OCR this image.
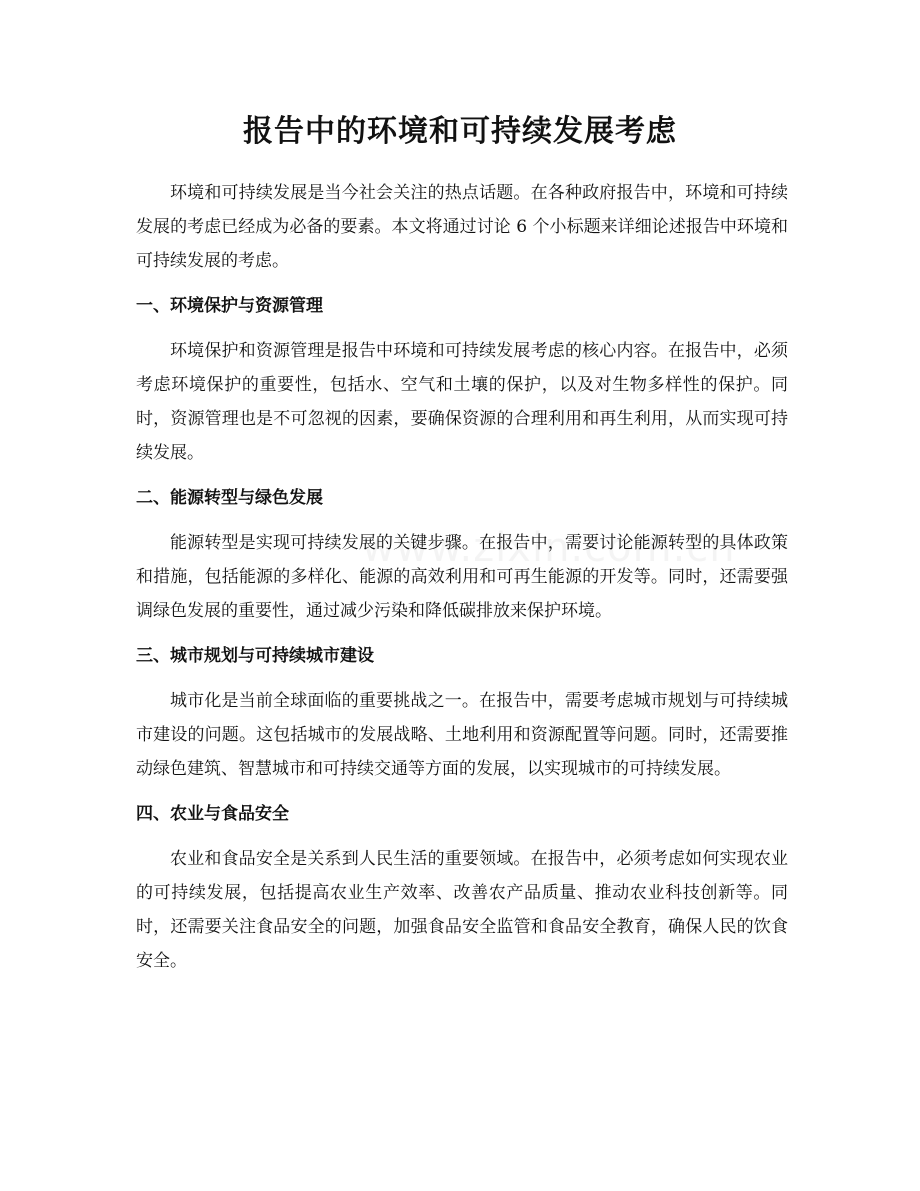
报告中的环境和可持续发展考虑

环境和可持续发展是当今社会关注的热点话题。在各种政府报告中，环境和可持续发展的考虑已经成为必备的要素。本文将通过讨论 6 个小标题来详细论述报告中环境和可持续发展的考虑。

一、环境保护与资源管理

环境保护和资源管理是报告中环境和可持续发展考虑的核心内容。在报告中，必须考虑环境保护的重要性，包括水、空气和土壤的保护，以及对生物多样性的保护。同时，资源管理也是不可忽视的因素，要确保资源的合理利用和再生利用，从而实现可持续发展。

二、能源转型与绿色发展

能源转型是实现可持续发展的关键步骤。在报告中，需要讨论能源转型的具体政策和措施，包括能源的多样化、能源的高效利用和可再生能源的开发等。同时，还需要强调绿色发展的重要性，通过减少污染和降低碳排放来保护环境。

三、城市规划与可持续城市建设

城市化是当前全球面临的重要挑战之一。在报告中，需要考虑城市规划与可持续城市建设的问题。这包括城市的发展战略、土地利用和资源配置等问题。同时，还需要推动绿色建筑、智慧城市和可持续交通等方面的发展，以实现城市的可持续发展。

四、农业与食品安全

农业和食品安全是关系到人民生活的重要领域。在报告中，必须考虑如何实现农业的可持续发展，包括提高农业生产效率、改善农产品质量、推动农业科技创新等。同时，还需要关注食品安全的问题，加强食品安全监管和食品安全教育，确保人民的饮食安全。
